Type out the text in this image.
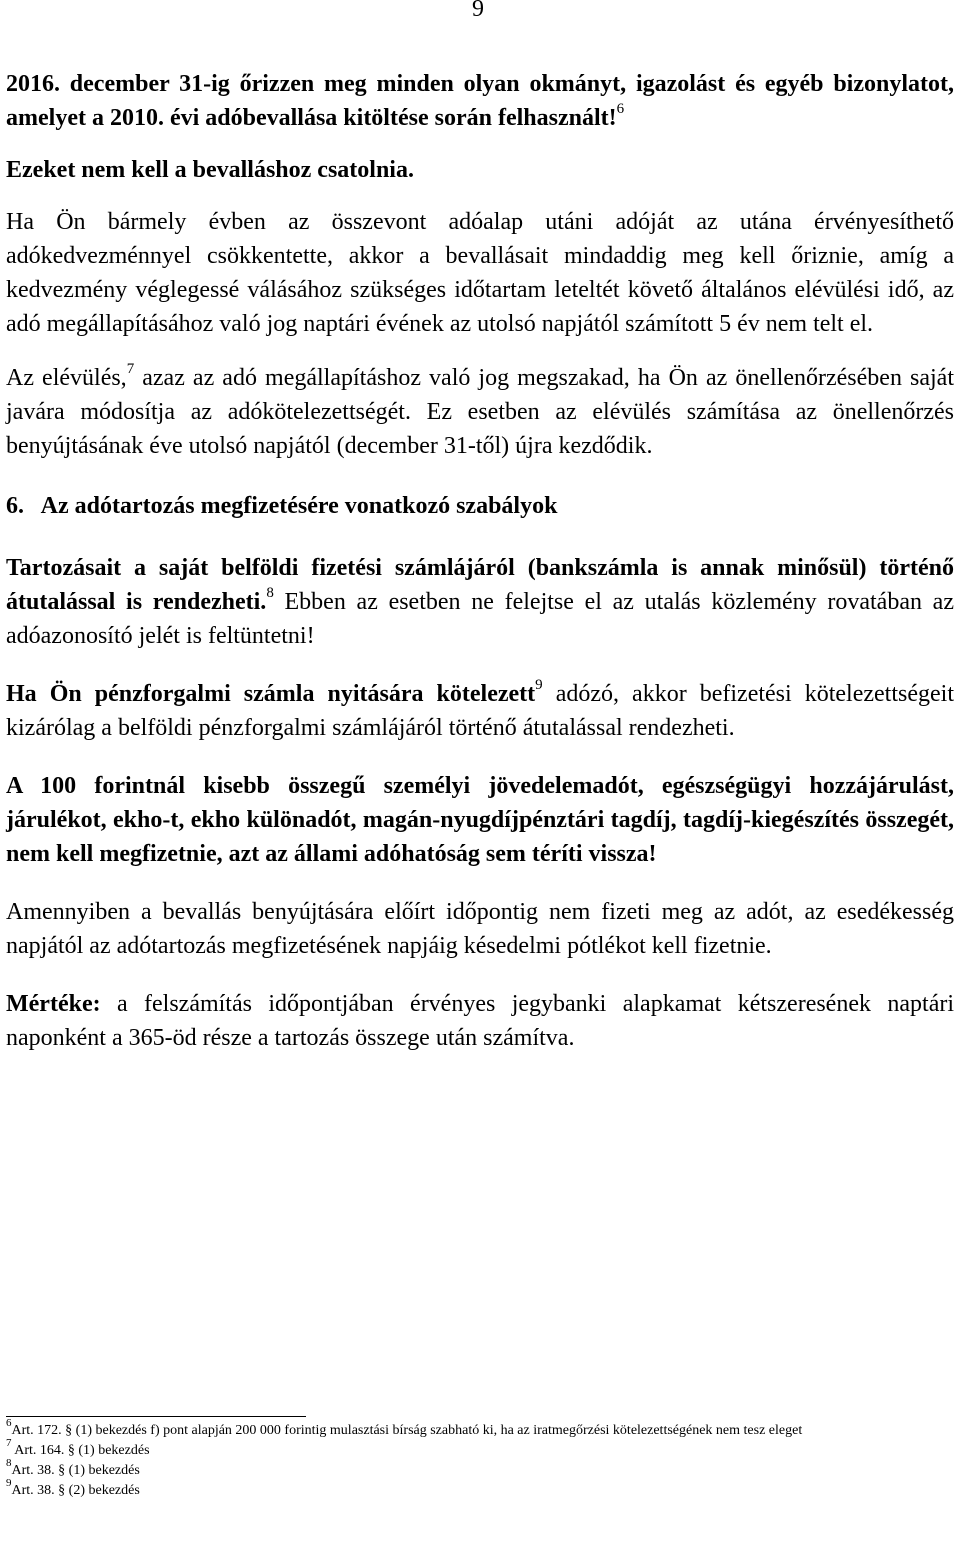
9

2016. december 31-ig őrizzen meg minden olyan okmányt, igazolást és egyéb bizonylatot, amelyet a 2010. évi adóbevallása kitöltése során felhasznált!$^6$

Ezeket nem kell a bevalláshoz csatolnia.

Ha Ön bármely évben az összevont adóalap utáni adóját az utána érvényesíthető adókedvezménnyel csökkentette, akkor a bevallásait mindaddig meg kell őriznie, amíg a kedvezmény véglegessé válásához szükséges időtartam leteltét követő általános elévülési idő, az adó megállapításához való jog naptári évének az utolsó napjától számított 5 év nem telt el.

Az elévülés,$^7$ azaz az adó megállapításhoz való jog megszakad, ha Ön az önellenőrzésében saját javára módosítja az adókötelezettségét. Ez esetben az elévülés számítása az önellenőrzés benyújtásának éve utolsó napjától (december 31-től) újra kezdődik.

6.   Az adótartozás megfizetésére vonatkozó szabályok

Tartozásait a saját belföldi fizetési számlájáról (bankszámla is annak minősül) történő átutalással is rendezheti.$^8$ Ebben az esetben ne felejtse el az utalás közlemény rovatában az adóazonosító jelét is feltüntetni!

Ha Ön pénzforgalmi számla nyitására kötelezett$^9$ adózó, akkor befizetési kötelezettségeit kizárólag a belföldi pénzforgalmi számlájáról történő átutalással rendezheti.

A 100 forintnál kisebb összegű személyi jövedelemadót, egészségügyi hozzájárulást, járulékot, ekho-t, ekho különadót, magán-nyugdíjpénztári tagdíj, tagdíj-kiegészítés összegét, nem kell megfizetnie, azt az állami adóhatóság sem téríti vissza!

Amennyiben a bevallás benyújtására előírt időpontig nem fizeti meg az adót, az esedékesség napjától az adótartozás megfizetésének napjáig késedelmi pótlékot kell fizetnie.

Mértéke: a felszámítás időpontjában érvényes jegybanki alapkamat kétszeresének naptári naponként a 365-öd része a tartozás összege után számítva.

$^6$Art. 172. § (1) bekezdés f) pont alapján 200 000 forintig mulasztási bírság szabható ki, ha az iratmegőrzési kötelezettségének nem tesz eleget
$^7$ Art. 164. § (1) bekezdés
$^8$Art. 38. § (1) bekezdés
$^9$Art. 38. § (2) bekezdés
